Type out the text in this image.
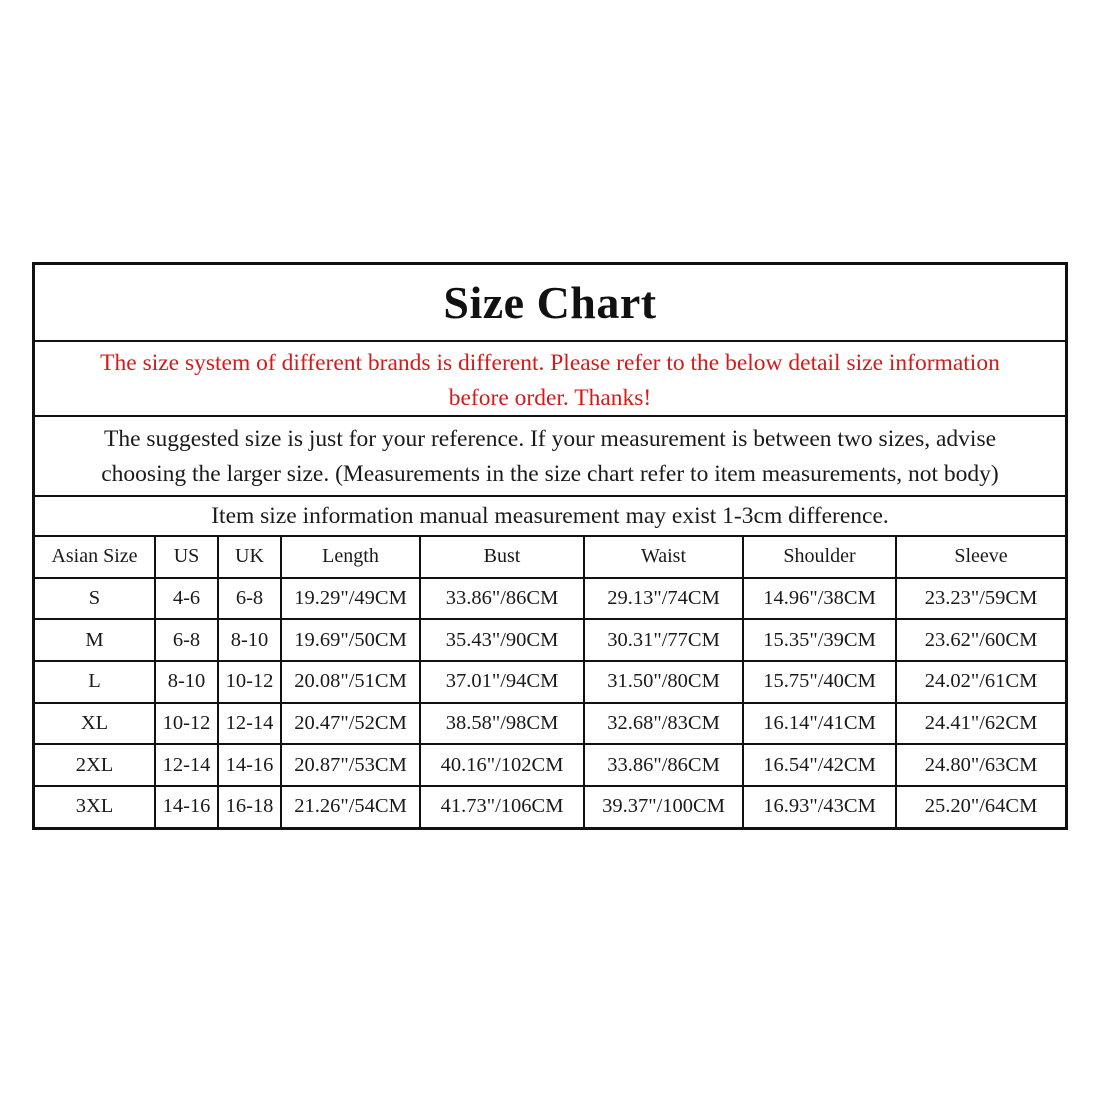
Size Chart
The size system of different brands is different. Please refer to the below detail size information
before order. Thanks!
The suggested size is just for your reference. If your measurement is between two sizes, advise
choosing the larger size. (Measurements in the size chart refer to item measurements, not body)
Item size information manual measurement may exist 1-3cm difference.
Asian Size	US	UK	Length	Bust	Waist	Shoulder	Sleeve
S	4-6	6-8	19.29"/49CM	33.86"/86CM	29.13"/74CM	14.96"/38CM	23.23"/59CM
M	6-8	8-10	19.69"/50CM	35.43"/90CM	30.31"/77CM	15.35"/39CM	23.62"/60CM
L	8-10	10-12	20.08"/51CM	37.01"/94CM	31.50"/80CM	15.75"/40CM	24.02"/61CM
XL	10-12	12-14	20.47"/52CM	38.58"/98CM	32.68"/83CM	16.14"/41CM	24.41"/62CM
2XL	12-14	14-16	20.87"/53CM	40.16"/102CM	33.86"/86CM	16.54"/42CM	24.80"/63CM
3XL	14-16	16-18	21.26"/54CM	41.73"/106CM	39.37"/100CM	16.93"/43CM	25.20"/64CM
